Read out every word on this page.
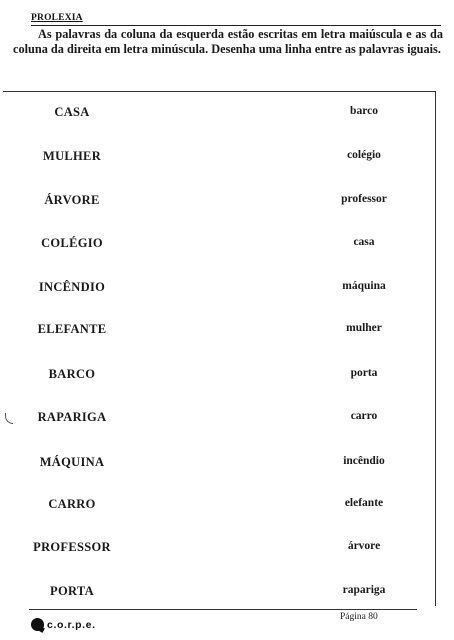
PROLEXIA
As palavras da coluna da esquerda estão escritas em letra maiúscula e as da coluna da direita em letra minúscula. Desenha uma linha entre as palavras iguais.
CASA
MULHER
ÁRVORE
COLÉGIO
INCÊNDIO
ELEFANTE
BARCO
RAPARIGA
MÁQUINA
CARRO
PROFESSOR
PORTA
barco
colégio
professor
casa
máquina
mulher
porta
carro
incêndio
elefante
árvore
rapariga
Página 80
c.o.r.p.e.
